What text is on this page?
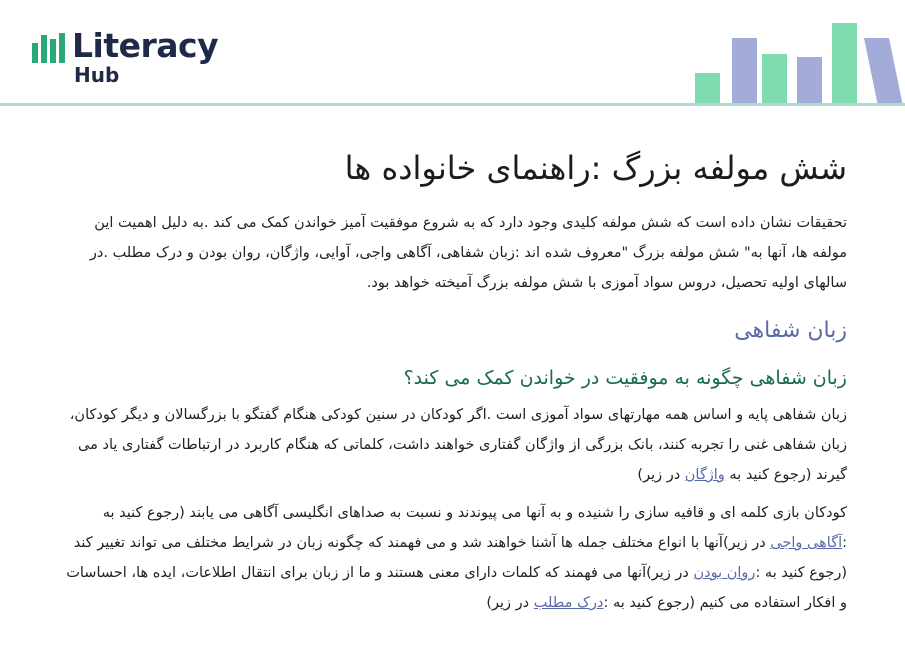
Literacy
Hub
شش مولفه بزرگ :راهنمای خانواده ها

تحقیقات نشان داده است که شش مولفه کلیدی وجود دارد که به شروع موفقیت آمیز خواندن کمک می کند .به دلیل اهمیت این مولفه ها، آنها به" شش مولفه بزرگ "معروف شده اند :زبان شفاهی، آگاهی واجی، آوایی، واژگان، روان بودن و درک مطلب .در سالهای اولیه تحصیل، دروس سواد آموزی با شش مولفه بزرگ آمیخته خواهد بود.

زبان شفاهی
زبان شفاهی چگونه به موفقیت در خواندن کمک می کند؟

زبان شفاهی پایه و اساس همه مهارتهای سواد آموزی است .اگر کودکان در سنین کودکی هنگام گفتگو با بزرگسالان و دیگر کودکان، زبان شفاهی غنی را تجربه کنند، بانک بزرگی از واژگان گفتاری خواهند داشت، کلماتی که هنگام کاربرد در ارتباطات گفتاری یاد می گیرند (رجوع کنید به واژگان در زیر)

کودکان بازی کلمه ای و قافیه سازی را شنیده و به آنها می پیوندند و نسبت به صداهای انگلیسی آگاهی می یابند (رجوع کنید به :آگاهی واجی در زیر)آنها با انواع مختلف جمله ها آشنا خواهند شد و می فهمند که چگونه زبان در شرایط مختلف می تواند تغییر کند (رجوع کنید به :روان بودن در زیر)آنها می فهمند که کلمات دارای معنی هستند و ما از زبان برای انتقال اطلاعات، ایده ها، احساسات و افکار استفاده می کنیم (رجوع کنید به :درک مطلب در زیر)
